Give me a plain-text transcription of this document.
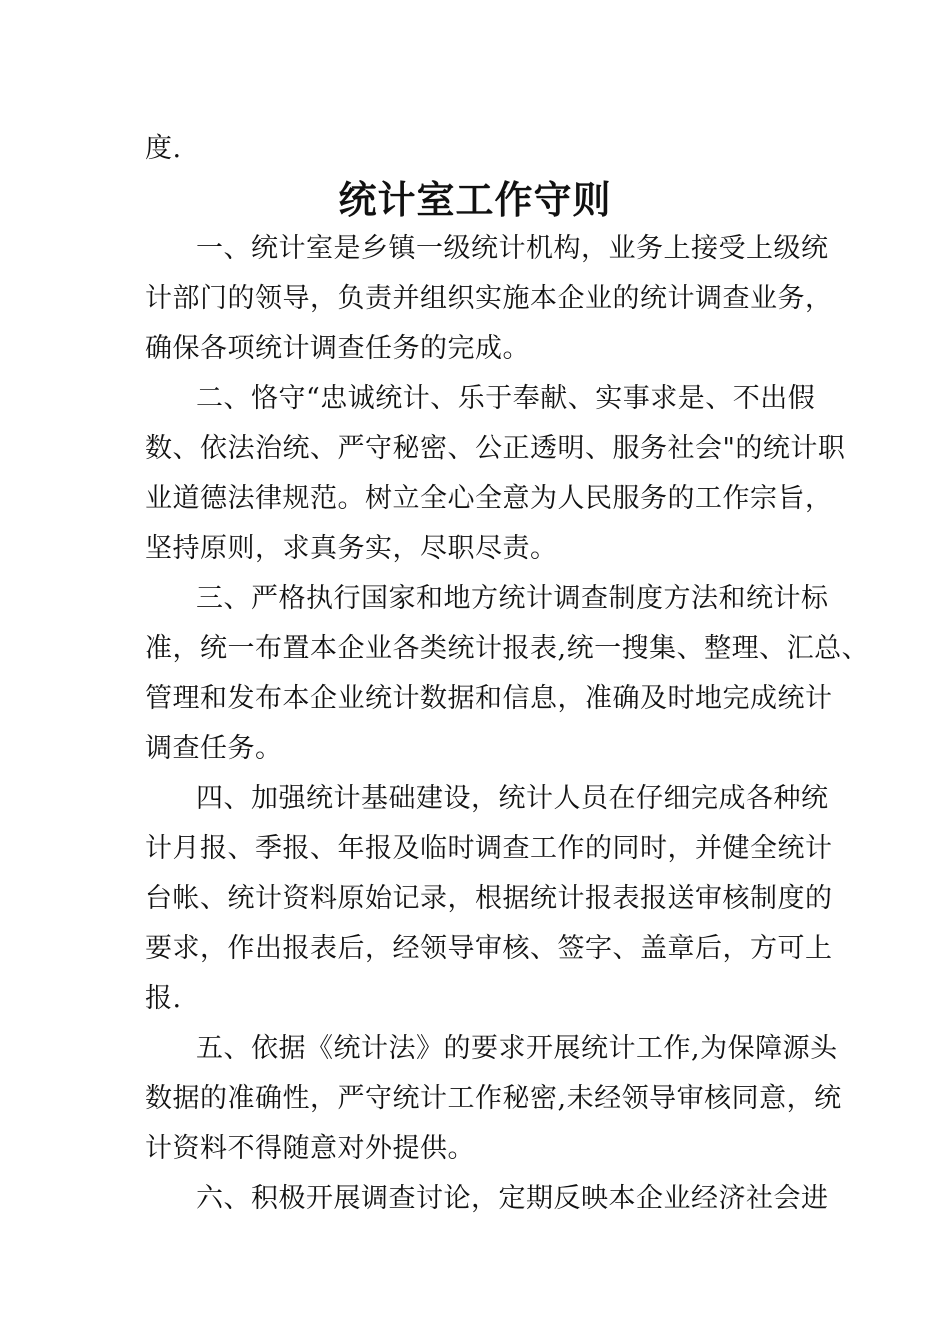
度.
统计室工作守则
一、统计室是乡镇一级统计机构，业务上接受上级统
计部门的领导，负责并组织实施本企业的统计调查业务，
确保各项统计调查任务的完成。
二、恪守“忠诚统计、乐于奉献、实事求是、不出假
数、依法治统、严守秘密、公正透明、服务社会"的统计职
业道德法律规范。树立全心全意为人民服务的工作宗旨，
坚持原则，求真务实，尽职尽责。
三、严格执行国家和地方统计调查制度方法和统计标
准，统一布置本企业各类统计报表,统一搜集、整理、汇总、
管理和发布本企业统计数据和信息，准确及时地完成统计
调查任务。
四、加强统计基础建设，统计人员在仔细完成各种统
计月报、季报、年报及临时调查工作的同时，并健全统计
台帐、统计资料原始记录，根据统计报表报送审核制度的
要求，作出报表后，经领导审核、签字、盖章后，方可上
报.
五、依据《统计法》的要求开展统计工作,为保障源头
数据的准确性，严守统计工作秘密,未经领导审核同意，统
计资料不得随意对外提供。
六、积极开展调查讨论，定期反映本企业经济社会进
